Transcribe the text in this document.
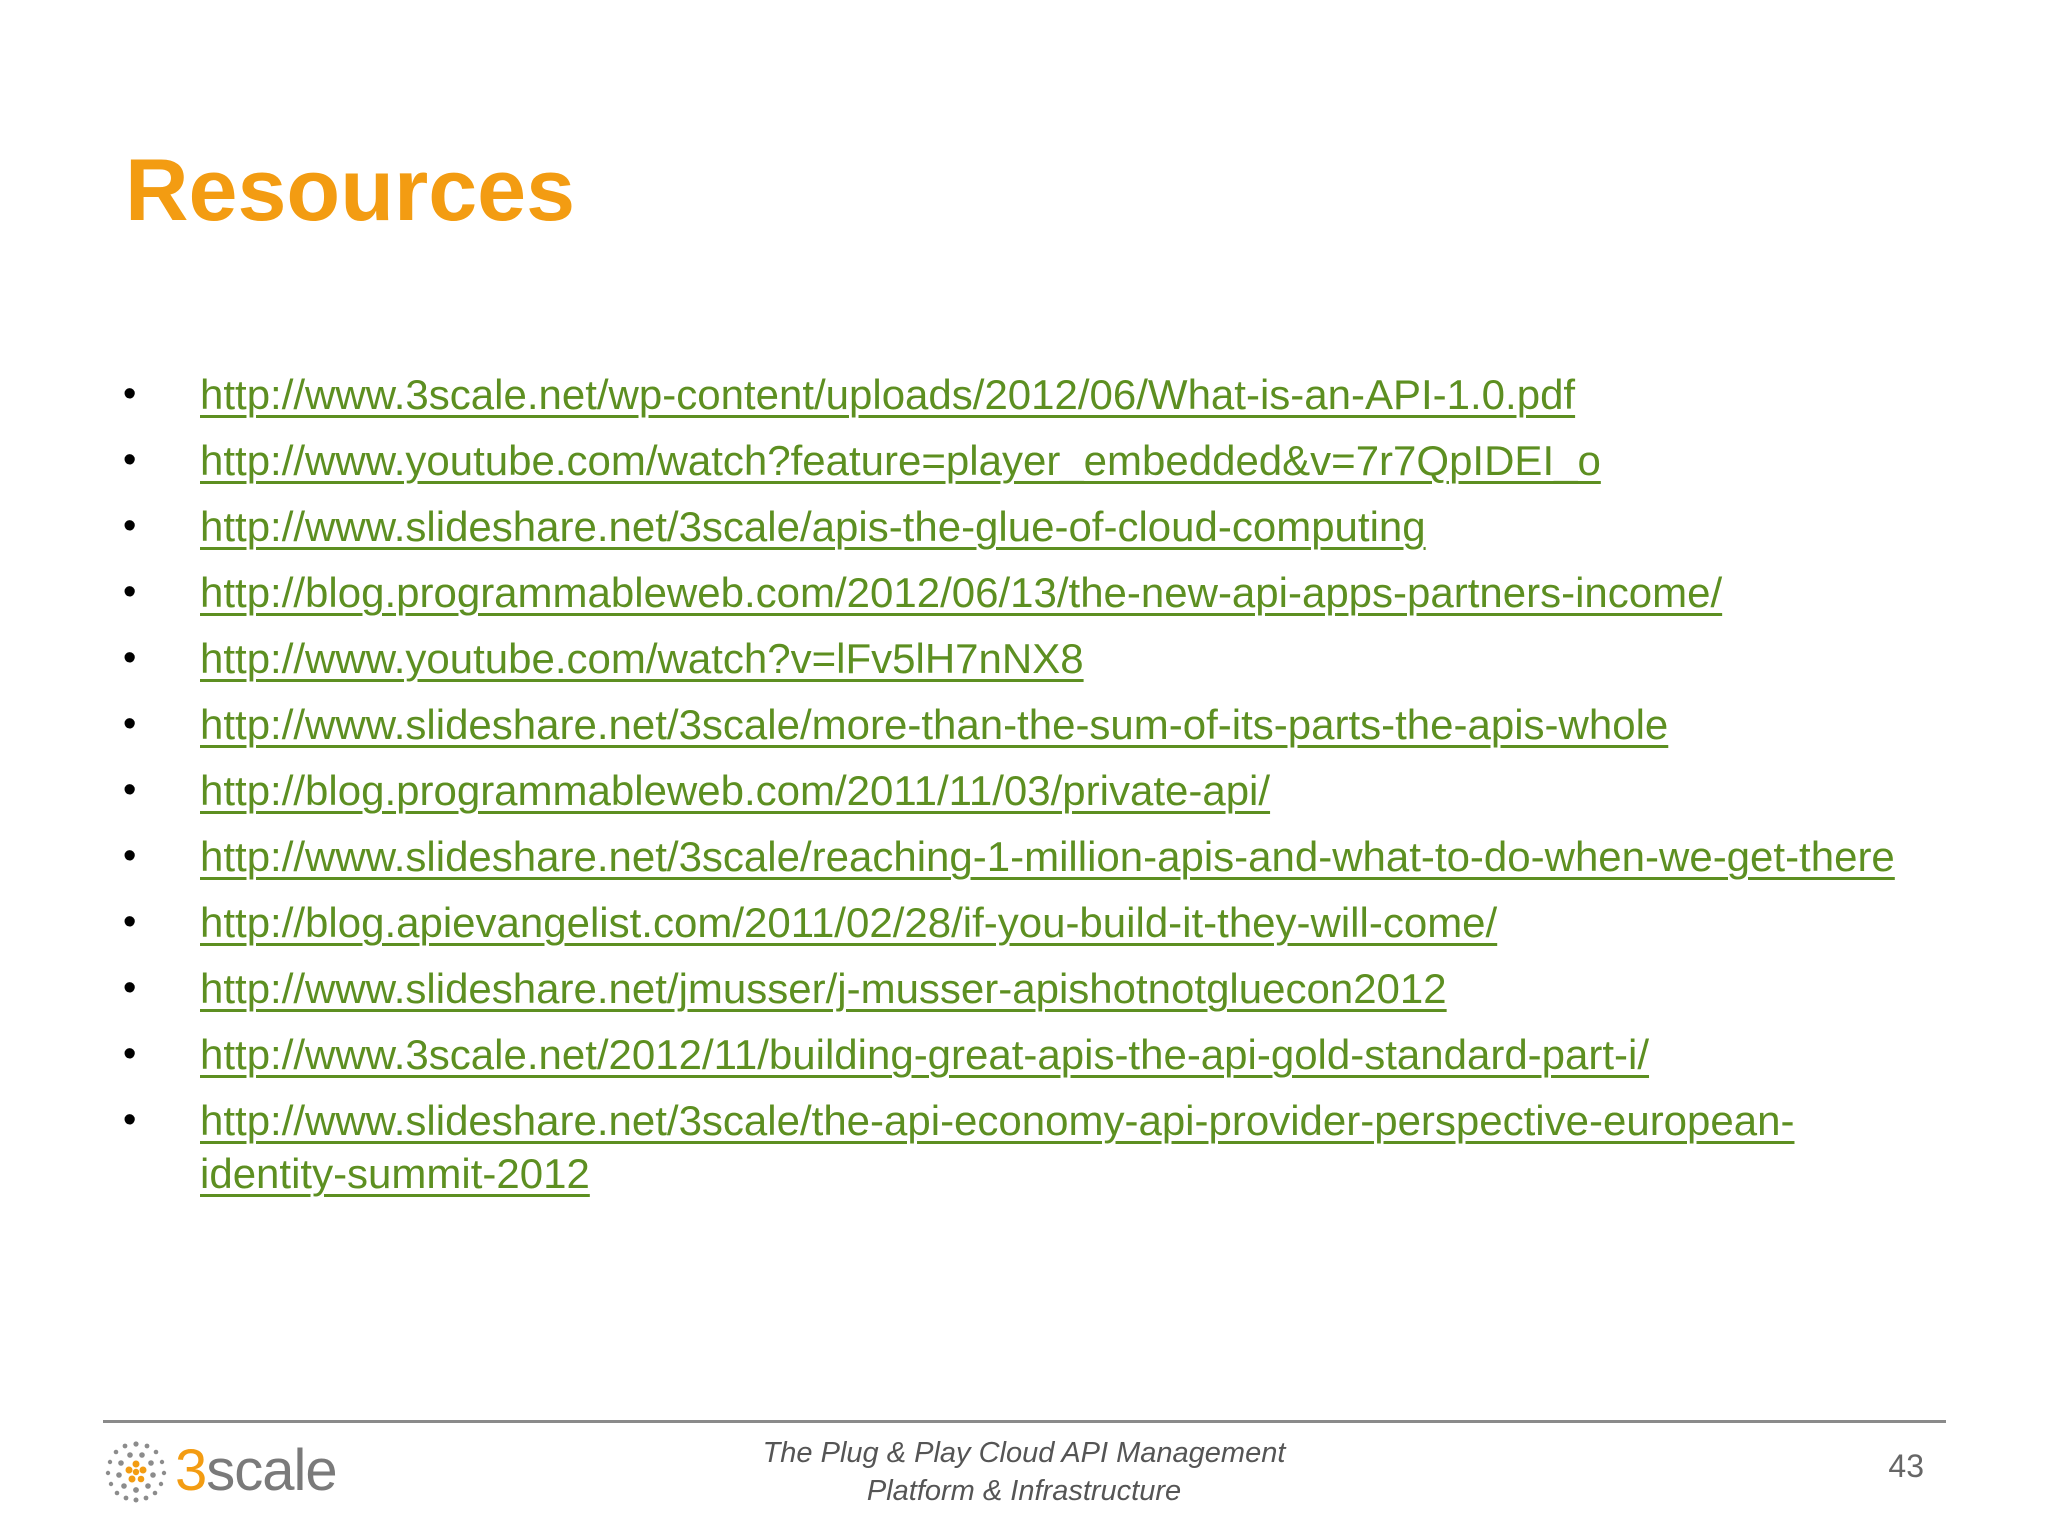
Resources
• http://www.3scale.net/wp-content/uploads/2012/06/What-is-an-API-1.0.pdf
• http://www.youtube.com/watch?feature=player_embedded&v=7r7QpIDEI_o
• http://www.slideshare.net/3scale/apis-the-glue-of-cloud-computing
• http://blog.programmableweb.com/2012/06/13/the-new-api-apps-partners-income/
• http://www.youtube.com/watch?v=lFv5lH7nNX8
• http://www.slideshare.net/3scale/more-than-the-sum-of-its-parts-the-apis-whole
• http://blog.programmableweb.com/2011/11/03/private-api/
• http://www.slideshare.net/3scale/reaching-1-million-apis-and-what-to-do-when-we-get-there
• http://blog.apievangelist.com/2011/02/28/if-you-build-it-they-will-come/
• http://www.slideshare.net/jmusser/j-musser-apishotnotgluecon2012
• http://www.3scale.net/2012/11/building-great-apis-the-api-gold-standard-part-i/
• http://www.slideshare.net/3scale/the-api-economy-api-provider-perspective-european-identity-summit-2012
3scale	The Plug & Play Cloud API Management
Platform & Infrastructure

43
